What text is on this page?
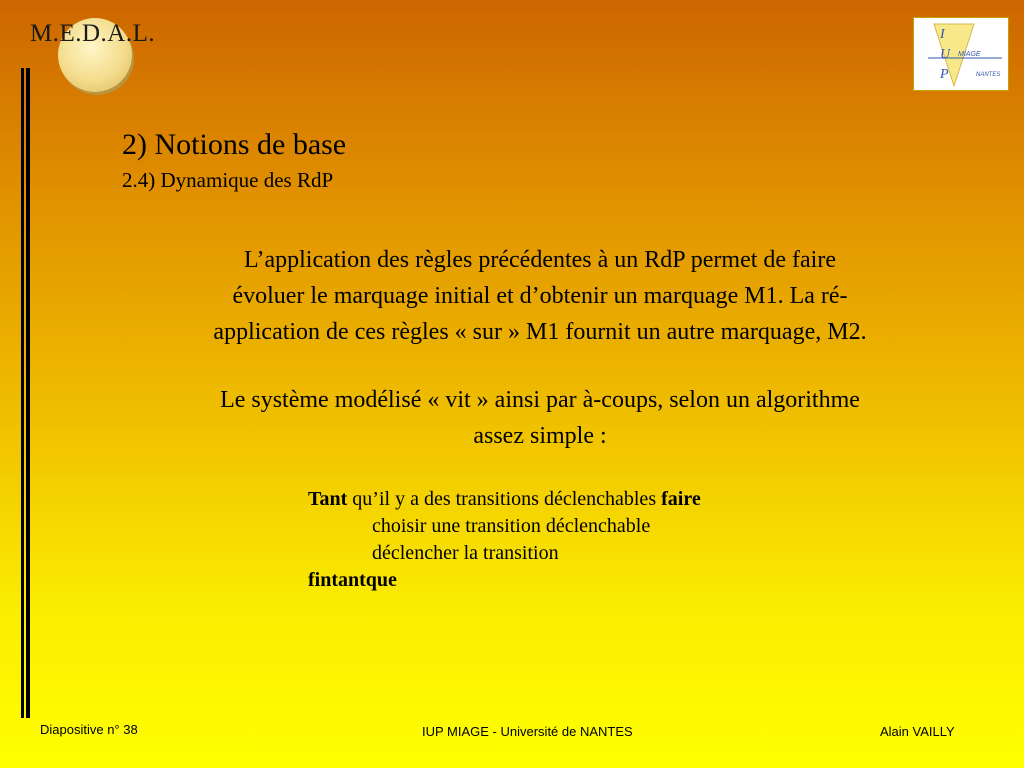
M.E.D.A.L.	I
U
P
MIAGE
NANTES
2) Notions de base
2.4) Dynamique des RdP
L’application des règles précédentes à un RdP permet de faire
évoluer le marquage initial et d’obtenir un marquage M1. La ré-
application de ces règles « sur » M1 fournit un autre marquage, M2.
Le système modélisé « vit » ainsi par à-coups, selon un algorithme
assez simple :
Tant qu’il y a des transitions déclenchables faire
choisir une transition déclenchable
déclencher la transition
fintantque
Diapositive n° 38	IUP MIAGE - Université de NANTES	Alain VAILLY
